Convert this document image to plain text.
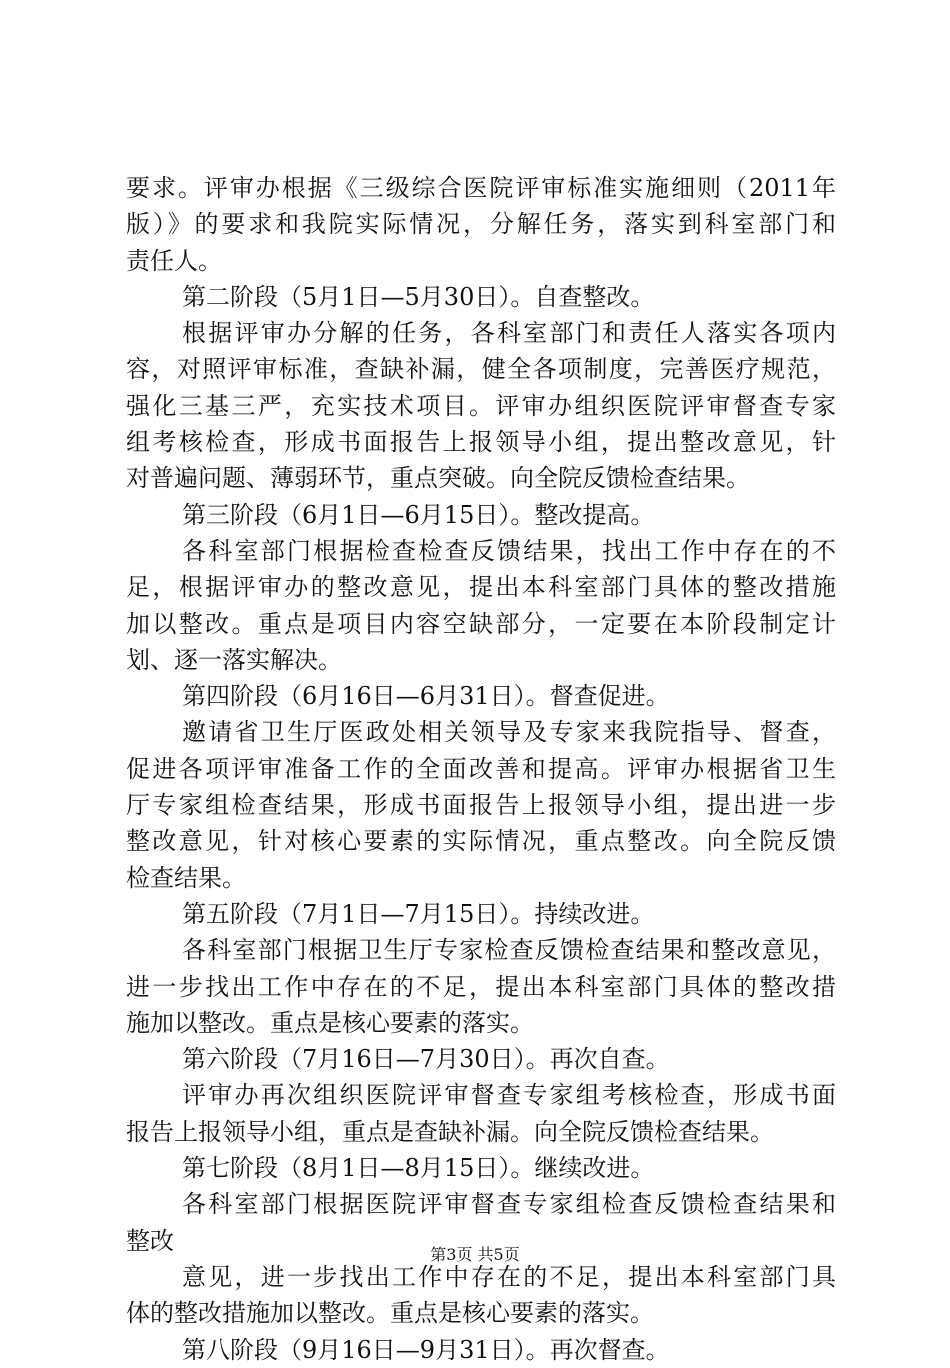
要求。评审办根据《三级综合医院评审标准实施细则（2011年
版）》的要求和我院实际情况，分解任务，落实到科室部门和
责任人。
第二阶段（5月1日—5月30日）。自查整改。
根据评审办分解的任务，各科室部门和责任人落实各项内
容，对照评审标准，查缺补漏，健全各项制度，完善医疗规范，
强化三基三严，充实技术项目。评审办组织医院评审督查专家
组考核检查，形成书面报告上报领导小组，提出整改意见，针
对普遍问题、薄弱环节，重点突破。向全院反馈检查结果。
第三阶段（6月1日—6月15日）。整改提高。
各科室部门根据检查检查反馈结果，找出工作中存在的不
足，根据评审办的整改意见，提出本科室部门具体的整改措施
加以整改。重点是项目内容空缺部分，一定要在本阶段制定计
划、逐一落实解决。
第四阶段（6月16日—6月31日）。督查促进。
邀请省卫生厅医政处相关领导及专家来我院指导、督查，
促进各项评审准备工作的全面改善和提高。评审办根据省卫生
厅专家组检查结果，形成书面报告上报领导小组，提出进一步
整改意见，针对核心要素的实际情况，重点整改。向全院反馈
检查结果。
第五阶段（7月1日—7月15日）。持续改进。
各科室部门根据卫生厅专家检查反馈检查结果和整改意见，
进一步找出工作中存在的不足，提出本科室部门具体的整改措
施加以整改。重点是核心要素的落实。
第六阶段（7月16日—7月30日）。再次自查。
评审办再次组织医院评审督查专家组考核检查，形成书面
报告上报领导小组，重点是查缺补漏。向全院反馈检查结果。
第七阶段（8月1日—8月15日）。继续改进。
各科室部门根据医院评审督查专家组检查反馈检查结果和
整改
意见，进一步找出工作中存在的不足，提出本科室部门具
体的整改措施加以整改。重点是核心要素的落实。
第八阶段（9月16日—9月31日）。再次督查。
第3页 共5页
